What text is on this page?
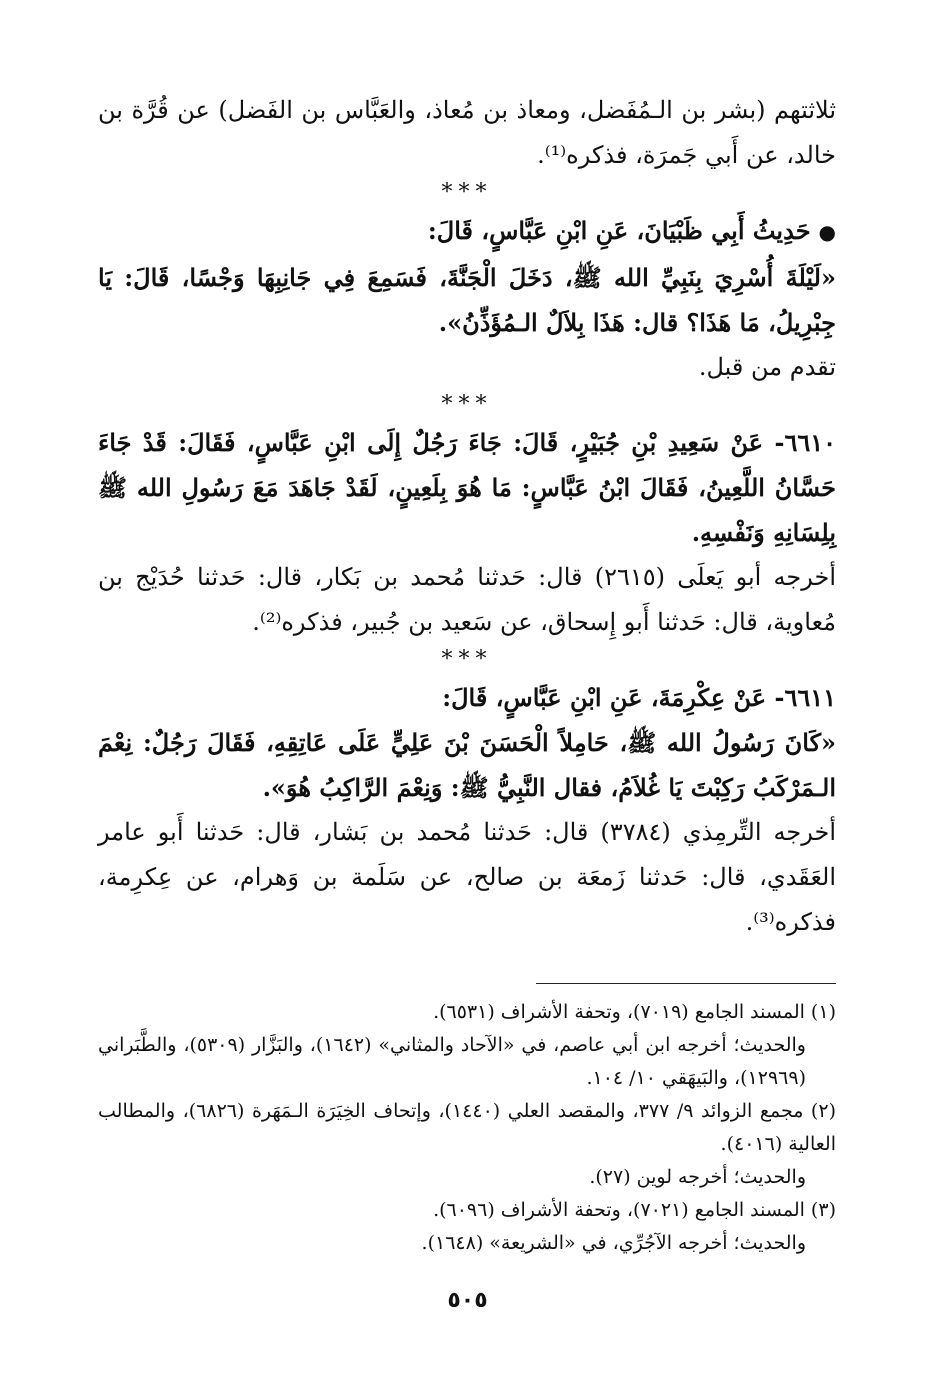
ثلاثتهم (بشر بن الـمُفَضل، ومعاذ بن مُعاذ، والعَبَّاس بن الفَضل) عن قُرَّة بن خالد، عن أَبي جَمرَة، فذكره⁽¹⁾.

***

●حَدِيثُ أَبِي ظَبْيَانَ، عَنِ ابْنِ عَبَّاسٍ، قَالَ:

«لَيْلَةَ أُسْرِيَ بِنَبِيِّ الله ﷺ، دَخَلَ الْجَنَّةَ، فَسَمِعَ فِي جَانِبِهَا وَجْسًا، قَالَ: يَا جِبْرِيلُ، مَا هَذَا؟ قال: هَذَا بِلاَلٌ الـمُؤَذِّنُ».

تقدم من قبل.

***

٦٦١٠- عَنْ سَعِيدِ بْنِ جُبَيْرٍ، قَالَ: جَاءَ رَجُلٌ إِلَى ابْنِ عَبَّاسٍ، فَقَالَ: قَدْ جَاءَ حَسَّانُ اللَّعِينُ، فَقَالَ ابْنُ عَبَّاسٍ: مَا هُوَ بِلَعِينٍ، لَقَدْ جَاهَدَ مَعَ رَسُولِ الله ﷺ بِلِسَانِهِ وَنَفْسِهِ.

أخرجه أبو يَعلَى (٢٦١٥) قال: حَدثنا مُحمد بن بَكار، قال: حَدثنا حُدَيْج بن مُعاوية، قال: حَدثنا أَبو إِسحاق، عن سَعيد بن جُبير، فذكره⁽²⁾.

***

٦٦١١- عَنْ عِكْرِمَةَ، عَنِ ابْنِ عَبَّاسٍ، قَالَ:

«كَانَ رَسُولُ الله ﷺ، حَامِلاً الْحَسَنَ بْنَ عَلِيٍّ عَلَى عَاتِقِهِ، فَقَالَ رَجُلٌ: نِعْمَ الـمَرْكَبُ رَكِبْتَ يَا غُلاَمُ، فقال النَّبِيُّ ﷺ: وَنِعْمَ الرَّاكِبُ هُوَ».

أخرجه التِّرمِذي (٣٧٨٤) قال: حَدثنا مُحمد بن بَشار، قال: حَدثنا أَبو عامر العَقَدي، قال: حَدثنا زَمعَة بن صالح، عن سَلَمة بن وَهرام، عن عِكرِمة، فذكره⁽³⁾.

(١) المسند الجامع (٧٠١٩)، وتحفة الأشراف (٦٥٣١).

والحديث؛ أخرجه ابن أبي عاصم، في «الآحاد والمثاني» (١٦٤٢)، والبَزَّار (٥٣٠٩)، والطَّبَراني (١٢٩٦٩)، والبَيهَقي ١٠/ ١٠٤.

(٢) مجمع الزوائد ٩/ ٣٧٧، والمقصد العلي (١٤٤٠)، وإتحاف الخِيَرَة الـمَهَرة (٦٨٢٦)، والمطالب العالية (٤٠١٦).

والحديث؛ أخرجه لوين (٢٧).

(٣) المسند الجامع (٧٠٢١)، وتحفة الأشراف (٦٠٩٦).

والحديث؛ أخرجه الآجُرِّي، في «الشريعة» (١٦٤٨).

٥٠٥
